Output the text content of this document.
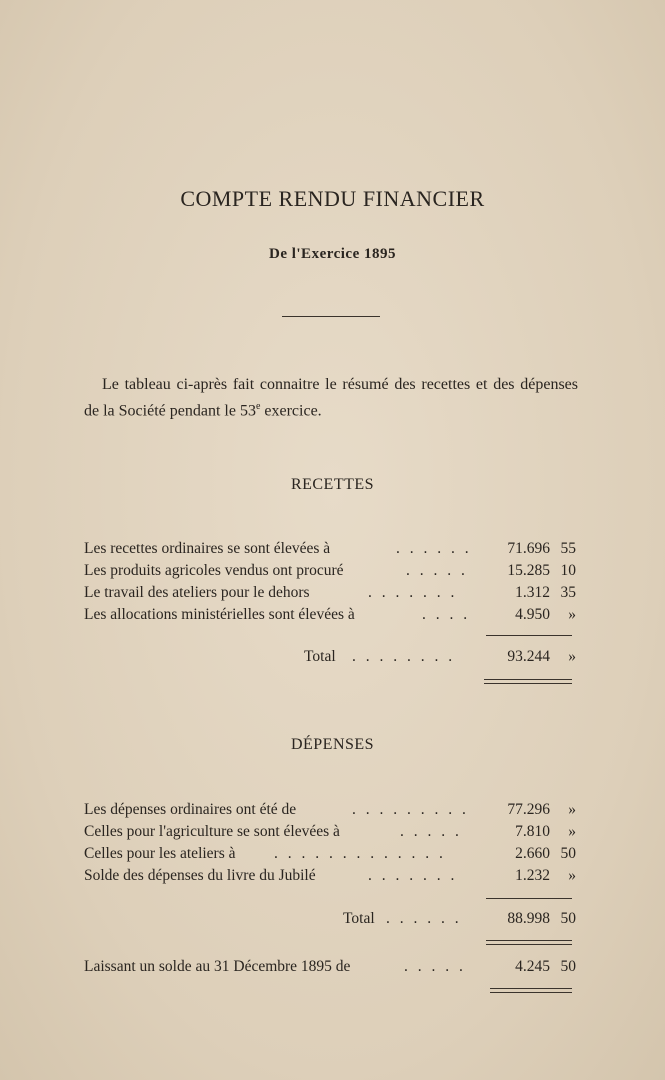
COMPTE RENDU FINANCIER
De l'Exercice 1895

Le tableau ci-après fait connaitre le résumé des recettes et des dépenses de la Société pendant le 53e exercice.

RECETTES
Les recettes ordinaires se sont élevées à	. . . . . . 71.696 55
Les produits agricoles vendus ont procuré	. . . . .	15.285 10
Le travail des ateliers pour le dehors	. . . . . . .	1.312 35
Les allocations ministérielles sont élevées à	. . . .	4.950	»
Total . . . . . . . .	93.244	»
DÉPENSES
Les dépenses ordinaires ont été de	. . . . . . . . . 77.296	»
Celles pour l'agriculture se sont élevées à	. . . . .	7.810	»
Celles pour les ateliers à . . . . . . . . . . . . .	2.660 50
Solde des dépenses du livre du Jubilé	. . . . . . .	1.232	»
Total . . . . . .	88.998 50
Laissant un solde au 31 Décembre 1895 de	. . . . .	4.245 50
